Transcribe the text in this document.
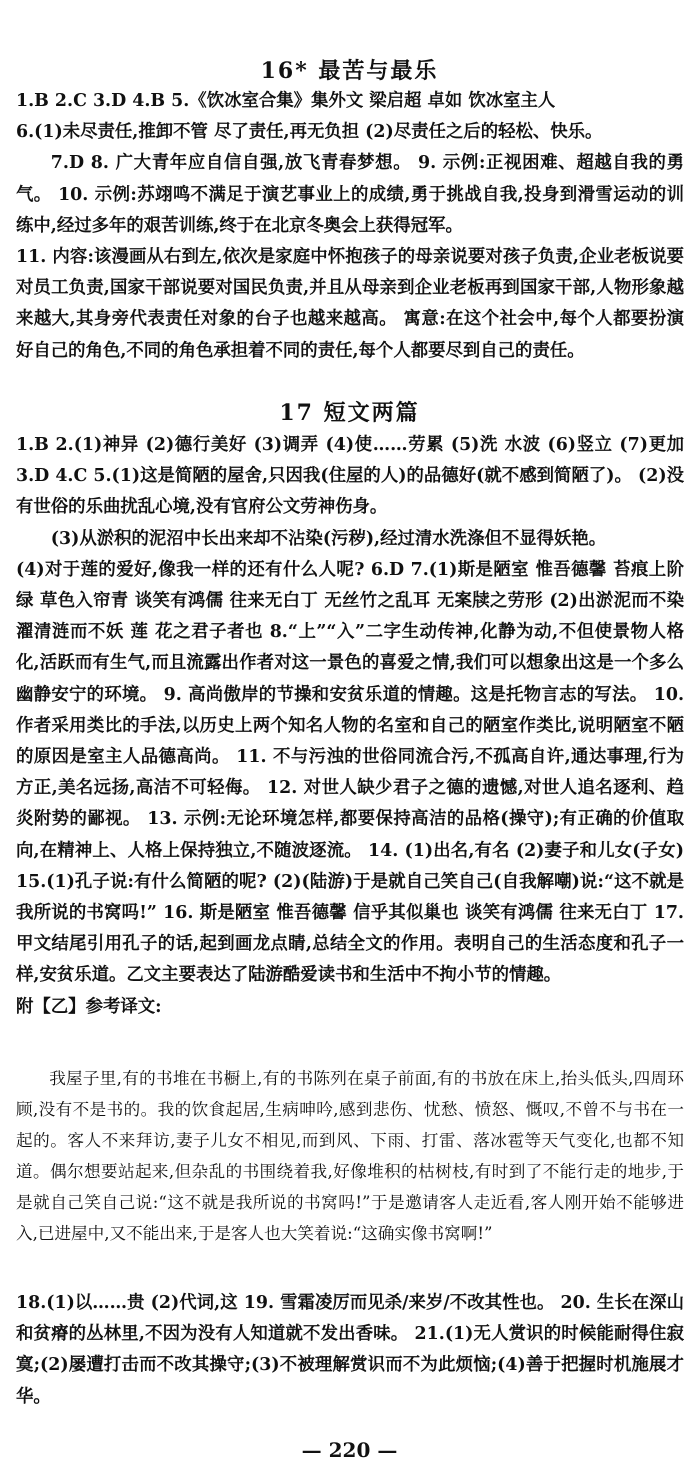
16* 最苦与最乐

1.B 2.C 3.D 4.B 5.《饮冰室合集》集外文 梁启超 卓如 饮冰室主人

6.(1)未尽责任,推卸不管 尽了责任,再无负担 (2)尽责任之后的轻松、快乐。

7.D 8. 广大青年应自信自强,放飞青春梦想。 9. 示例:正视困难、超越自我的勇气。 10. 示例:苏翊鸣不满足于演艺事业上的成绩,勇于挑战自我,投身到滑雪运动的训练中,经过多年的艰苦训练,终于在北京冬奥会上获得冠军。

11. 内容:该漫画从右到左,依次是家庭中怀抱孩子的母亲说要对孩子负责,企业老板说要对员工负责,国家干部说要对国民负责,并且从母亲到企业老板再到国家干部,人物形象越来越大,其身旁代表责任对象的台子也越来越高。 寓意:在这个社会中,每个人都要扮演好自己的角色,不同的角色承担着不同的责任,每个人都要尽到自己的责任。

17 短文两篇

1.B 2.(1)神异 (2)德行美好 (3)调弄 (4)使……劳累 (5)洗 水波 (6)竖立 (7)更加 3.D 4.C 5.(1)这是简陋的屋舍,只因我(住屋的人)的品德好(就不感到简陋了)。 (2)没有世俗的乐曲扰乱心境,没有官府公文劳神伤身。

(3)从淤积的泥沼中长出来却不沾染(污秽),经过清水洗涤但不显得妖艳。

(4)对于莲的爱好,像我一样的还有什么人呢? 6.D 7.(1)斯是陋室 惟吾德馨 苔痕上阶绿 草色入帘青 谈笑有鸿儒 往来无白丁 无丝竹之乱耳 无案牍之劳形 (2)出淤泥而不染 濯清涟而不妖 莲 花之君子者也 8.“上”“入”二字生动传神,化静为动,不但使景物人格化,活跃而有生气,而且流露出作者对这一景色的喜爱之情,我们可以想象出这是一个多么幽静安宁的环境。 9. 高尚傲岸的节操和安贫乐道的情趣。这是托物言志的写法。 10. 作者采用类比的手法,以历史上两个知名人物的名室和自己的陋室作类比,说明陋室不陋的原因是室主人品德高尚。 11. 不与污浊的世俗同流合污,不孤高自许,通达事理,行为方正,美名远扬,高洁不可轻侮。 12. 对世人缺少君子之德的遗憾,对世人追名逐利、趋炎附势的鄙视。 13. 示例:无论环境怎样,都要保持高洁的品格(操守);有正确的价值取向,在精神上、人格上保持独立,不随波逐流。 14. (1)出名,有名 (2)妻子和儿女(子女) 15.(1)孔子说:有什么简陋的呢? (2)(陆游)于是就自己笑自己(自我解嘲)说:“这不就是我所说的书窝吗!” 16. 斯是陋室 惟吾德馨 信乎其似巢也 谈笑有鸿儒 往来无白丁 17. 甲文结尾引用孔子的话,起到画龙点睛,总结全文的作用。表明自己的生活态度和孔子一样,安贫乐道。乙文主要表达了陆游酷爱读书和生活中不拘小节的情趣。

附【乙】参考译文:

我屋子里,有的书堆在书橱上,有的书陈列在桌子前面,有的书放在床上,抬头低头,四周环顾,没有不是书的。我的饮食起居,生病呻吟,感到悲伤、忧愁、愤怒、慨叹,不曾不与书在一起的。客人不来拜访,妻子儿女不相见,而到风、下雨、打雷、落冰雹等天气变化,也都不知道。偶尔想要站起来,但杂乱的书围绕着我,好像堆积的枯树枝,有时到了不能行走的地步,于是就自己笑自己说:“这不就是我所说的书窝吗!”于是邀请客人走近看,客人刚开始不能够进入,已进屋中,又不能出来,于是客人也大笑着说:“这确实像书窝啊!”

18.(1)以……贵 (2)代词,这 19. 雪霜凌厉而见杀/来岁/不改其性也。 20. 生长在深山和贫瘠的丛林里,不因为没有人知道就不发出香味。 21.(1)无人赏识的时候能耐得住寂寞;(2)屡遭打击而不改其操守;(3)不被理解赏识而不为此烦恼;(4)善于把握时机施展才华。

— 220 —
